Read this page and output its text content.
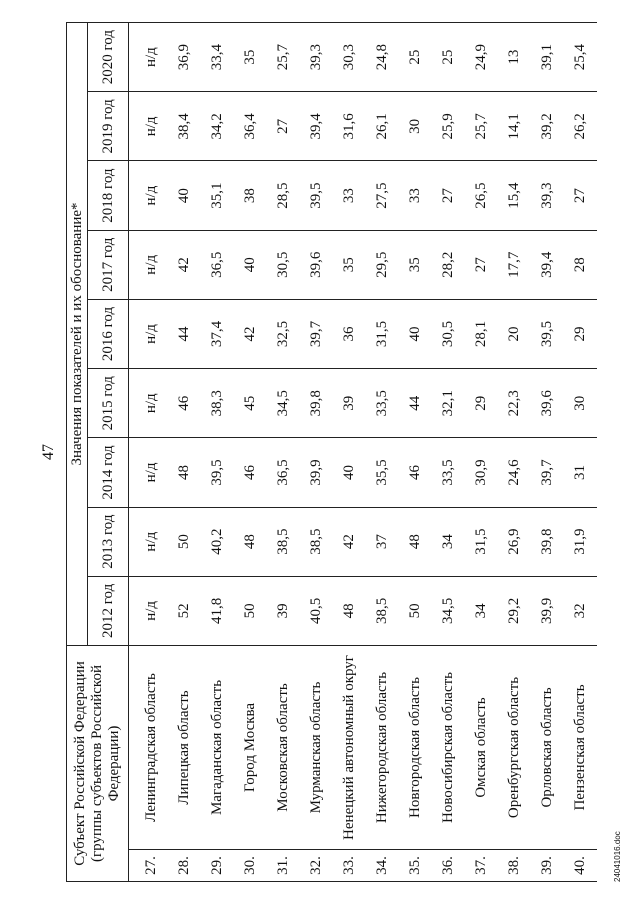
47
Субъект Российской Федерации (группы субъектов Российской Федерации)		Значения показателей и их обоснование*								
		2012 год	2013 год	2014 год	2015 год	2016 год	2017 год	2018 год	2019 год	2020 год
27.	Ленинградская область	н/д	н/д	н/д	н/д	н/д	н/д	н/д	н/д	н/д
28.	Липецкая область	52	50	48	46	44	42	40	38,4	36,9
29.	Магаданская область	41,8	40,2	39,5	38,3	37,4	36,5	35,1	34,2	33,4
30.	Город Москва	50	48	46	45	42	40	38	36,4	35
31.	Московская область	39	38,5	36,5	34,5	32,5	30,5	28,5	27	25,7
32.	Мурманская область	40,5	38,5	39,9	39,8	39,7	39,6	39,5	39,4	39,3
33.	Ненецкий автономный округ	48	42	40	39	36	35	33	31,6	30,3
34.	Нижегородская область	38,5	37	35,5	33,5	31,5	29,5	27,5	26,1	24,8
35.	Новгородская область	50	48	46	44	40	35	33	30	25
36.	Новосибирская область	34,5	34	33,5	32,1	30,5	28,2	27	25,9	25
37.	Омская область	34	31,5	30,9	29	28,1	27	26,5	25,7	24,9
38.	Оренбургская область	29,2	26,9	24,6	22,3	20	17,7	15,4	14,1	13
39.	Орловская область	39,9	39,8	39,7	39,6	39,5	39,4	39,3	39,2	39,1
40.	Пензенская область	32	31,9	31	30	29	28	27	26,2	25,4
24041016.doc
